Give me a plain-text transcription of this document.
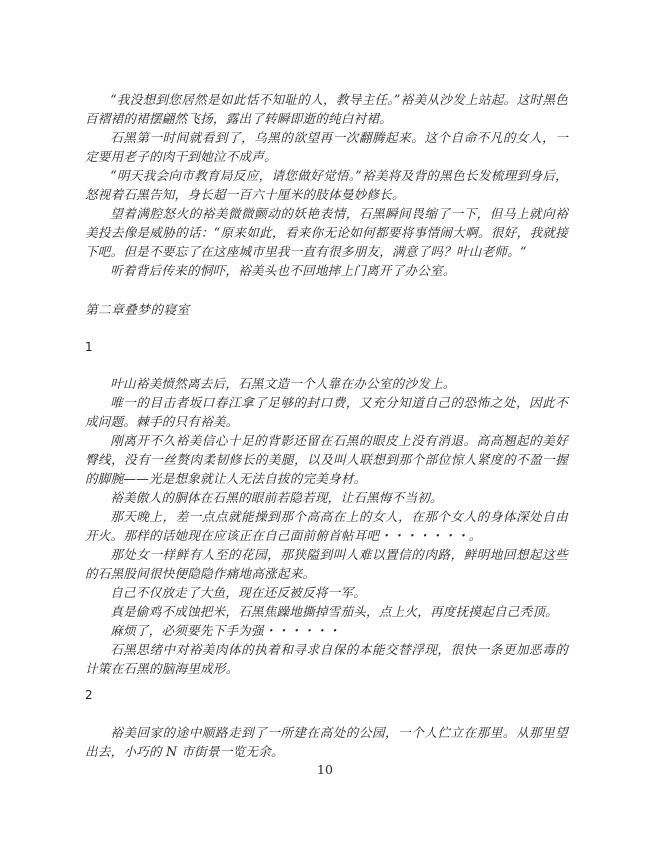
“我没想到您居然是如此恬不知耻的人，教导主任。”裕美从沙发上站起。这时黑色百褶裙的裙摆翩然飞扬，露出了转瞬即逝的纯白衬裙。

石黑第一时间就看到了，乌黑的欲望再一次翻腾起来。这个自命不凡的女人，一定要用老子的肉干到她泣不成声。

“明天我会向市教育局反应，请您做好觉悟。”裕美将及背的黑色长发梳理到身后，怒视着石黑告知，身长超一百六十厘米的肢体曼妙修长。

望着满腔怒火的裕美微微颤动的妖艳表情，石黑瞬间畏缩了一下，但马上就向裕美投去像是威胁的话：“原来如此，看来你无论如何都要将事情闹大啊。很好，我就接下吧。但是不要忘了在这座城市里我一直有很多朋友，满意了吗？叶山老师。“

听着背后传来的恫吓，裕美头也不回地摔上门离开了办公室。

第二章叠梦的寝室
1

叶山裕美愤然离去后，石黑文造一个人靠在办公室的沙发上。

唯一的目击者坂口春江拿了足够的封口费，又充分知道自己的恐怖之处，因此不成问题。棘手的只有裕美。

刚离开不久裕美信心十足的背影还留在石黑的眼皮上没有消退。高高翘起的美好臀线，没有一丝赘肉柔韧修长的美腿，以及叫人联想到那个部位惊人紧度的不盈一握的脚腕——光是想象就让人无法自拔的完美身材。

裕美傲人的胴体在石黑的眼前若隐若现，让石黑悔不当初。

那天晚上，差一点点就能操到那个高高在上的女人，在那个女人的身体深处自由开火。那样的话她现在应该正在自己面前俯首帖耳吧・・・・・・・。

那处女一样鲜有人至的花园，那狭隘到叫人难以置信的肉路，鲜明地回想起这些的石黑股间很快便隐隐作痛地高涨起来。

自己不仅放走了大鱼，现在还反被反将一军。

真是偷鸡不成蚀把米，石黑焦躁地撕掉雪茄头，点上火，再度抚摸起自己秃顶。

麻烦了，必须要先下手为强・・・・・・

石黑思绪中对裕美肉体的执着和寻求自保的本能交替浮现，很快一条更加恶毒的计策在石黑的脑海里成形。

2

裕美回家的途中顺路走到了一所建在高处的公园，一个人伫立在那里。从那里望出去，小巧的 N 市街景一览无余。

10
